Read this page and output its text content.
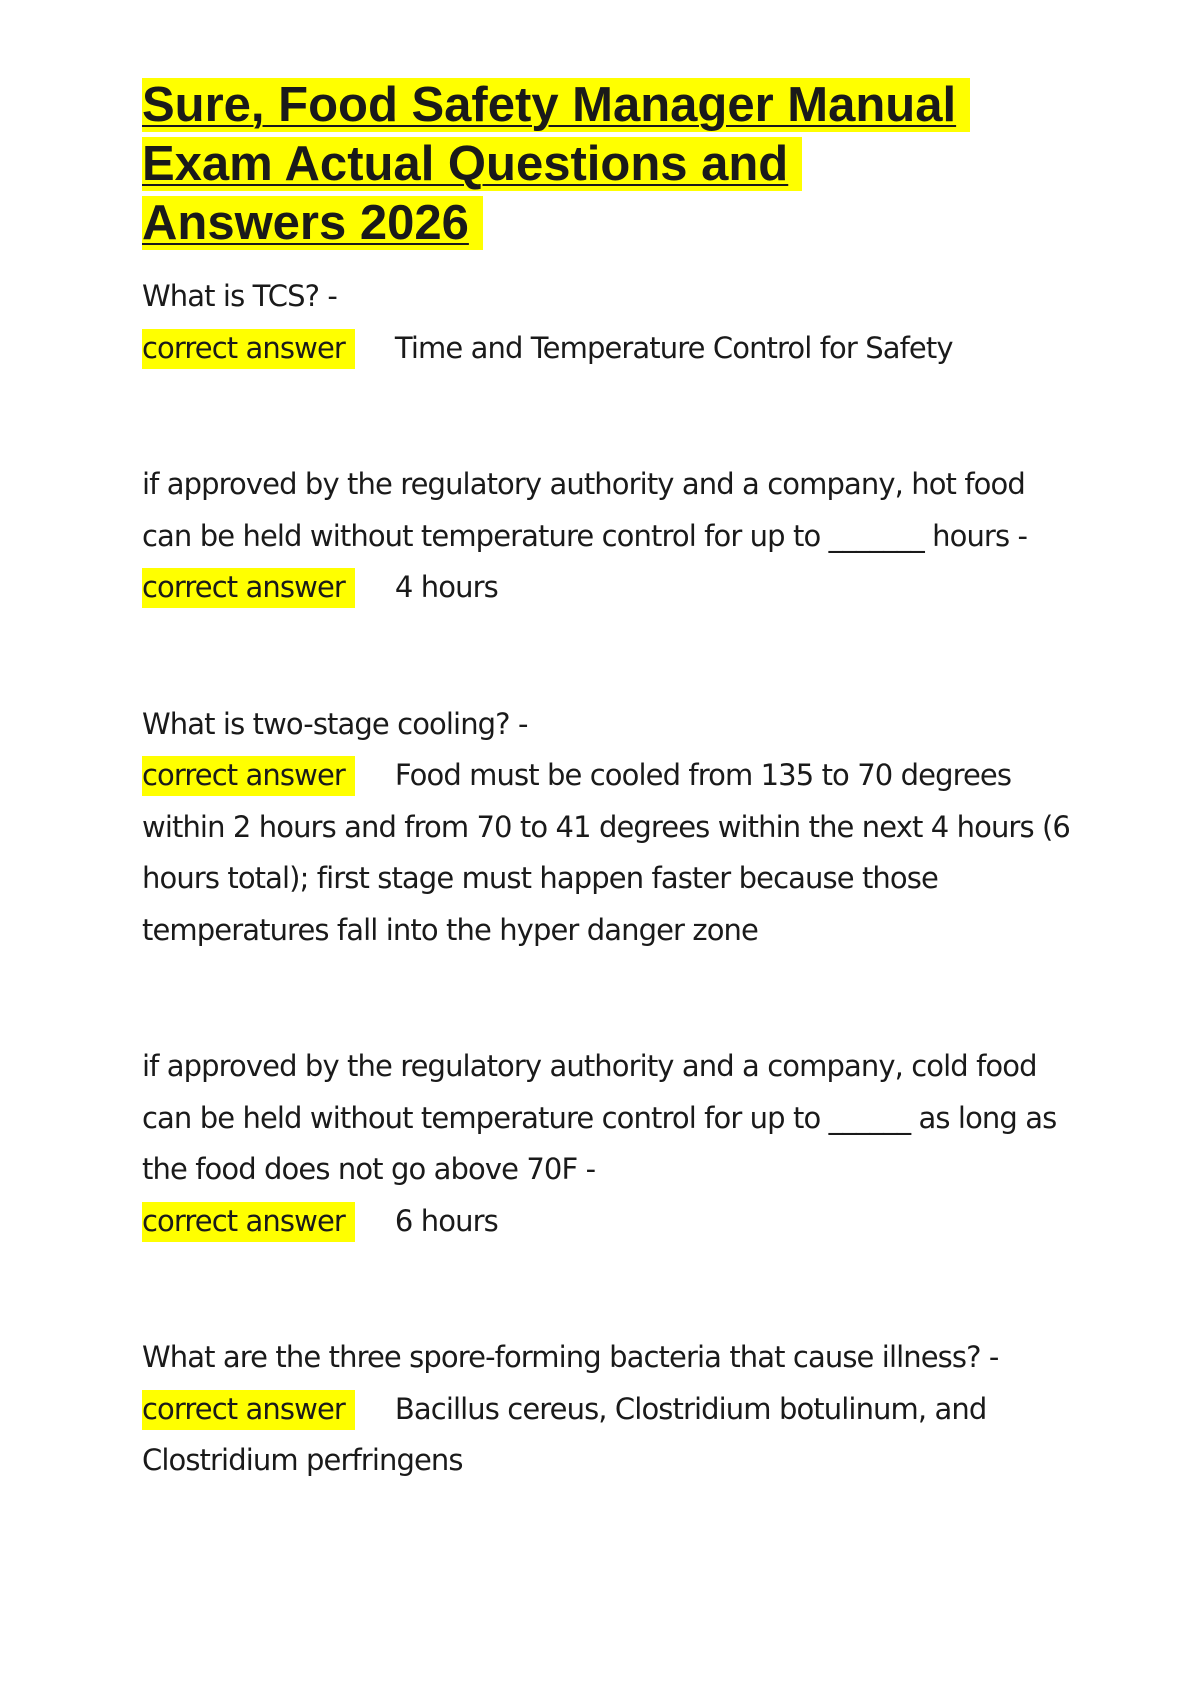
Sure, Food Safety Manager Manual Exam Actual Questions and Answers 2026

What is TCS? -

correct answer Time and Temperature Control for Safety

if approved by the regulatory authority and a company, hot food can be held without temperature control for up to _______ hours -

correct answer 4 hours

What is two-stage cooling? -

correct answer Food must be cooled from 135 to 70 degrees within 2 hours and from 70 to 41 degrees within the next 4 hours (6 hours total); first stage must happen faster because those temperatures fall into the hyper danger zone

if approved by the regulatory authority and a company, cold food can be held without temperature control for up to ______ as long as the food does not go above 70F -

correct answer 6 hours

What are the three spore-forming bacteria that cause illness? -

correct answer Bacillus cereus, Clostridium botulinum, and Clostridium perfringens
